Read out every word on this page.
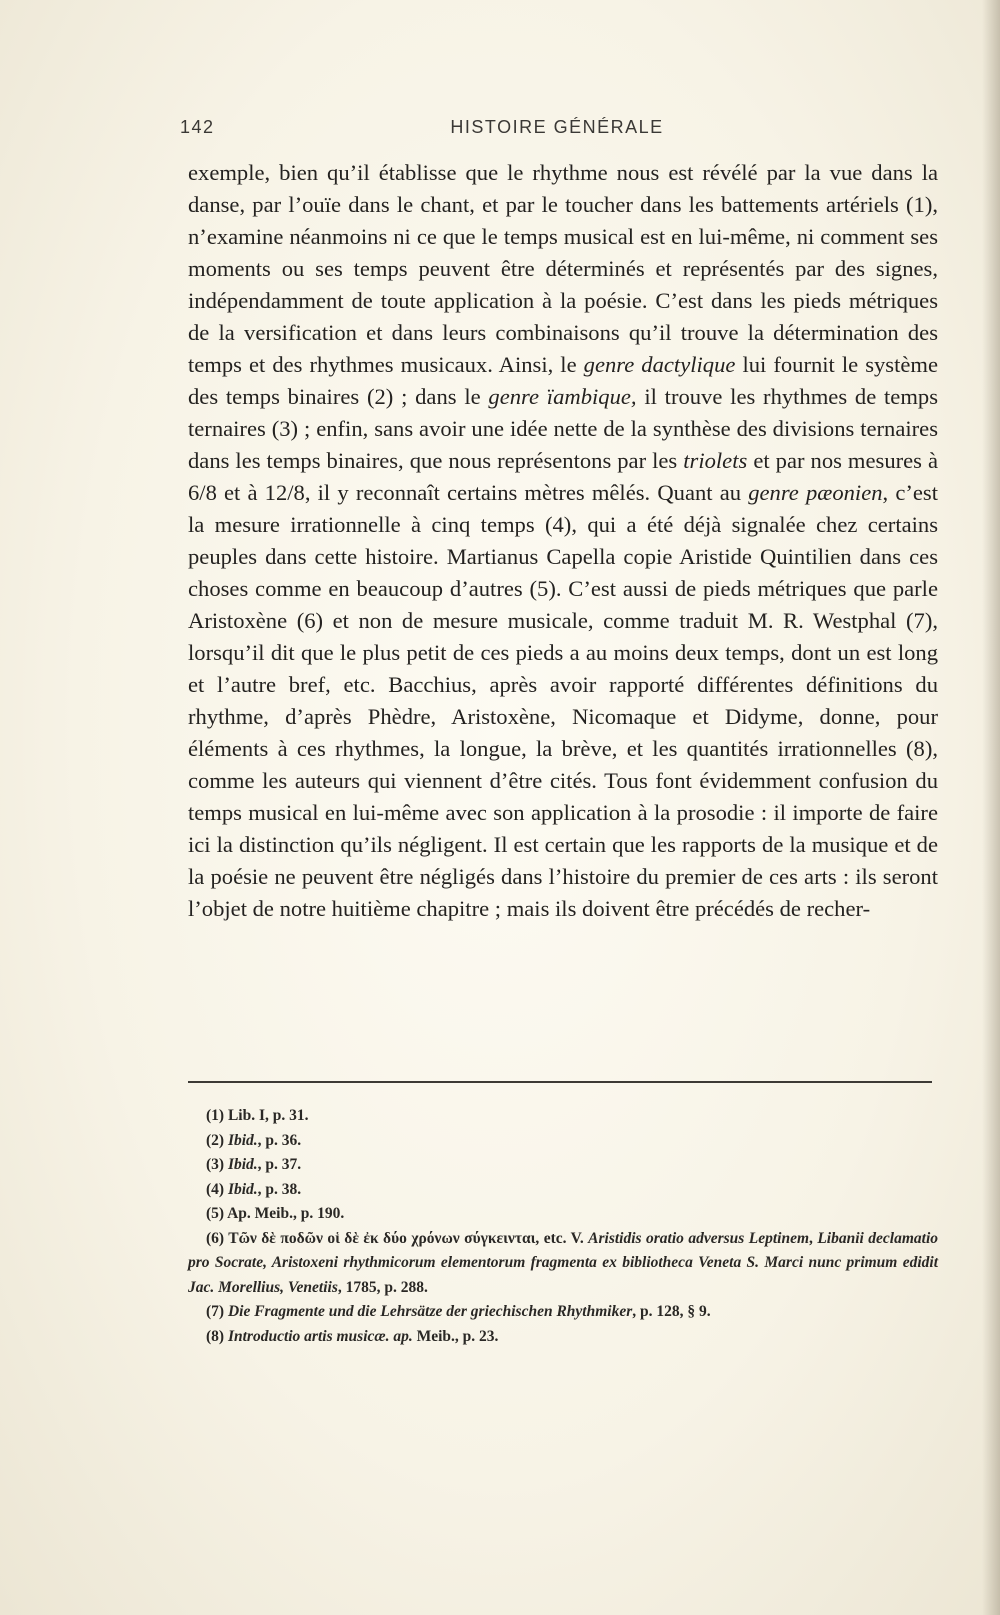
142	HISTOIRE GÉNÉRALE
exemple, bien qu’il établisse que le rhythme nous est révélé par la vue dans la danse, par l’ouïe dans le chant, et par le toucher dans les battements artériels (1), n’examine néanmoins ni ce que le temps musical est en lui-même, ni comment ses moments ou ses temps peuvent être déterminés et représentés par des signes, indépendamment de toute application à la poésie. C’est dans les pieds métriques de la versification et dans leurs combinaisons qu’il trouve la détermination des temps et des rhythmes musicaux. Ainsi, le genre dactylique lui fournit le système des temps binaires (2) ; dans le genre ïambique, il trouve les rhythmes de temps ternaires (3) ; enfin, sans avoir une idée nette de la synthèse des divisions ternaires dans les temps binaires, que nous représentons par les triolets et par nos mesures à 6/8 et à 12/8, il y reconnaît certains mètres mêlés. Quant au genre pæonien, c’est la mesure irrationnelle à cinq temps (4), qui a été déjà signalée chez certains peuples dans cette histoire. Martianus Capella copie Aristide Quintilien dans ces choses comme en beaucoup d’autres (5). C’est aussi de pieds métriques que parle Aristoxène (6) et non de mesure musicale, comme traduit M. R. Westphal (7), lorsqu’il dit que le plus petit de ces pieds a au moins deux temps, dont un est long et l’autre bref, etc. Bacchius, après avoir rapporté différentes définitions du rhythme, d’après Phèdre, Aristoxène, Nicomaque et Didyme, donne, pour éléments à ces rhythmes, la longue, la brève, et les quantités irrationnelles (8), comme les auteurs qui viennent d’être cités. Tous font évidemment confusion du temps musical en lui-même avec son application à la prosodie : il importe de faire ici la distinction qu’ils négligent. Il est certain que les rapports de la musique et de la poésie ne peuvent être négligés dans l’histoire du premier de ces arts : ils seront l’objet de notre huitième chapitre ; mais ils doivent être précédés de recher-
(1) Lib. I, p. 31.
(2) Ibid., p. 36.
(3) Ibid., p. 37.
(4) Ibid., p. 38.
(5) Ap. Meib., p. 190.
(6) Τῶν δὲ ποδῶν οἱ δὲ ἐκ δύο χρόνων σύγκεινται, etc. V. Aristidis oratio adversus Leptinem, Libanii declamatio pro Socrate, Aristoxeni rhythmicorum elementorum fragmenta ex bibliotheca Veneta S. Marci nunc primum edidit Jac. Morellius, Venetiis, 1785, p. 288.
(7) Die Fragmente und die Lehrsätze der griechischen Rhythmiker, p. 128, § 9.
(8) Introductio artis musicæ. ap. Meib., p. 23.
